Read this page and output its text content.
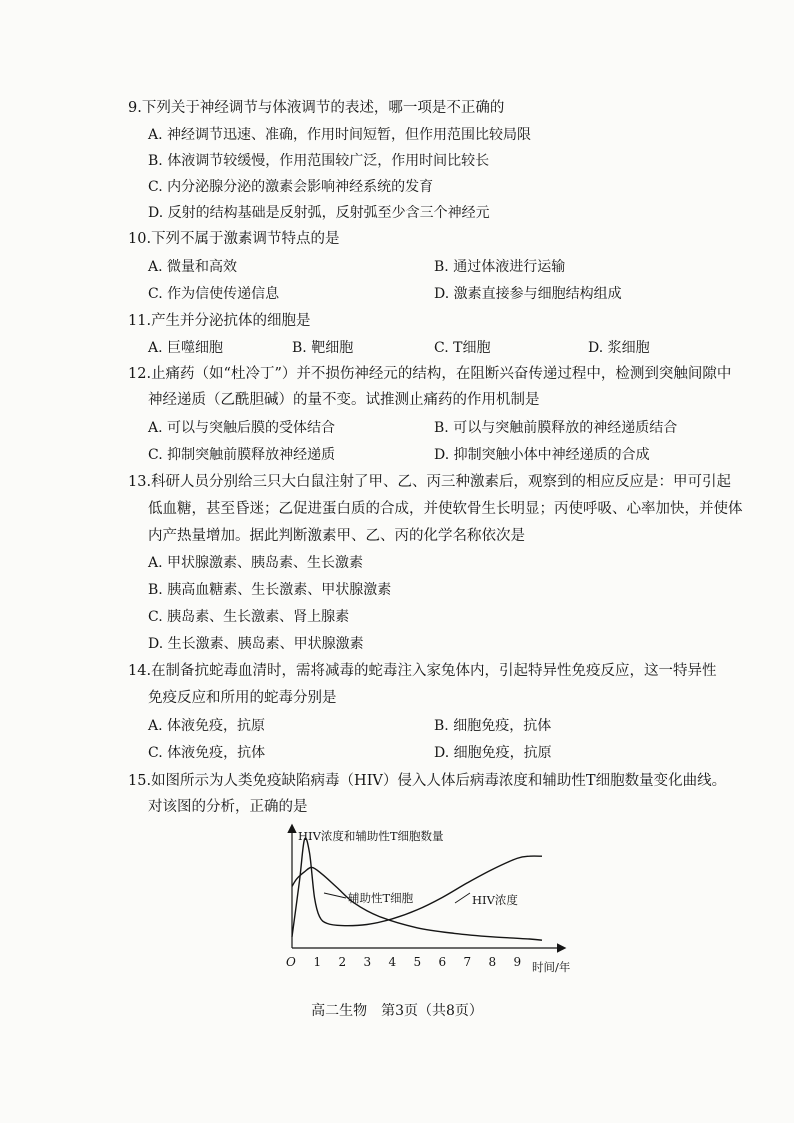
9.下列关于神经调节与体液调节的表述，哪一项是不正确的
A. 神经调节迅速、准确，作用时间短暂，但作用范围比较局限
B. 体液调节较缓慢，作用范围较广泛，作用时间比较长
C. 内分泌腺分泌的激素会影响神经系统的发育
D. 反射的结构基础是反射弧，反射弧至少含三个神经元
10.下列不属于激素调节特点的是
A. 微量和高效	B. 通过体液进行运输
C. 作为信使传递信息	D. 激素直接参与细胞结构组成
11.产生并分泌抗体的细胞是
A. 巨噬细胞	B. 靶细胞	C. T细胞	D. 浆细胞
12.止痛药（如“杜冷丁”）并不损伤神经元的结构，在阻断兴奋传递过程中，检测到突触间隙中
神经递质（乙酰胆碱）的量不变。试推测止痛药的作用机制是
A. 可以与突触后膜的受体结合	B. 可以与突触前膜释放的神经递质结合
C. 抑制突触前膜释放神经递质	D. 抑制突触小体中神经递质的合成
13.科研人员分别给三只大白鼠注射了甲、乙、丙三种激素后，观察到的相应反应是：甲可引起
低血糖，甚至昏迷；乙促进蛋白质的合成，并使软骨生长明显；丙使呼吸、心率加快，并使体
内产热量增加。据此判断激素甲、乙、丙的化学名称依次是
A. 甲状腺激素、胰岛素、生长激素
B. 胰高血糖素、生长激素、甲状腺激素
C. 胰岛素、生长激素、肾上腺素
D. 生长激素、胰岛素、甲状腺激素
14.在制备抗蛇毒血清时，需将减毒的蛇毒注入家兔体内，引起特异性免疫反应，这一特异性
免疫反应和所用的蛇毒分别是
A. 体液免疫，抗原	B. 细胞免疫，抗体
C. 体液免疫，抗体	D. 细胞免疫，抗原
15.如图所示为人类免疫缺陷病毒（HIV）侵入人体后病毒浓度和辅助性T细胞数量变化曲线。
对该图的分析，正确的是
HIV浓度和辅助性T细胞数量
O	时间/年
1 2 3 4 5 6 7 8 9
辅助性T细胞	HIV浓度
高二生物　第3页（共8页）
